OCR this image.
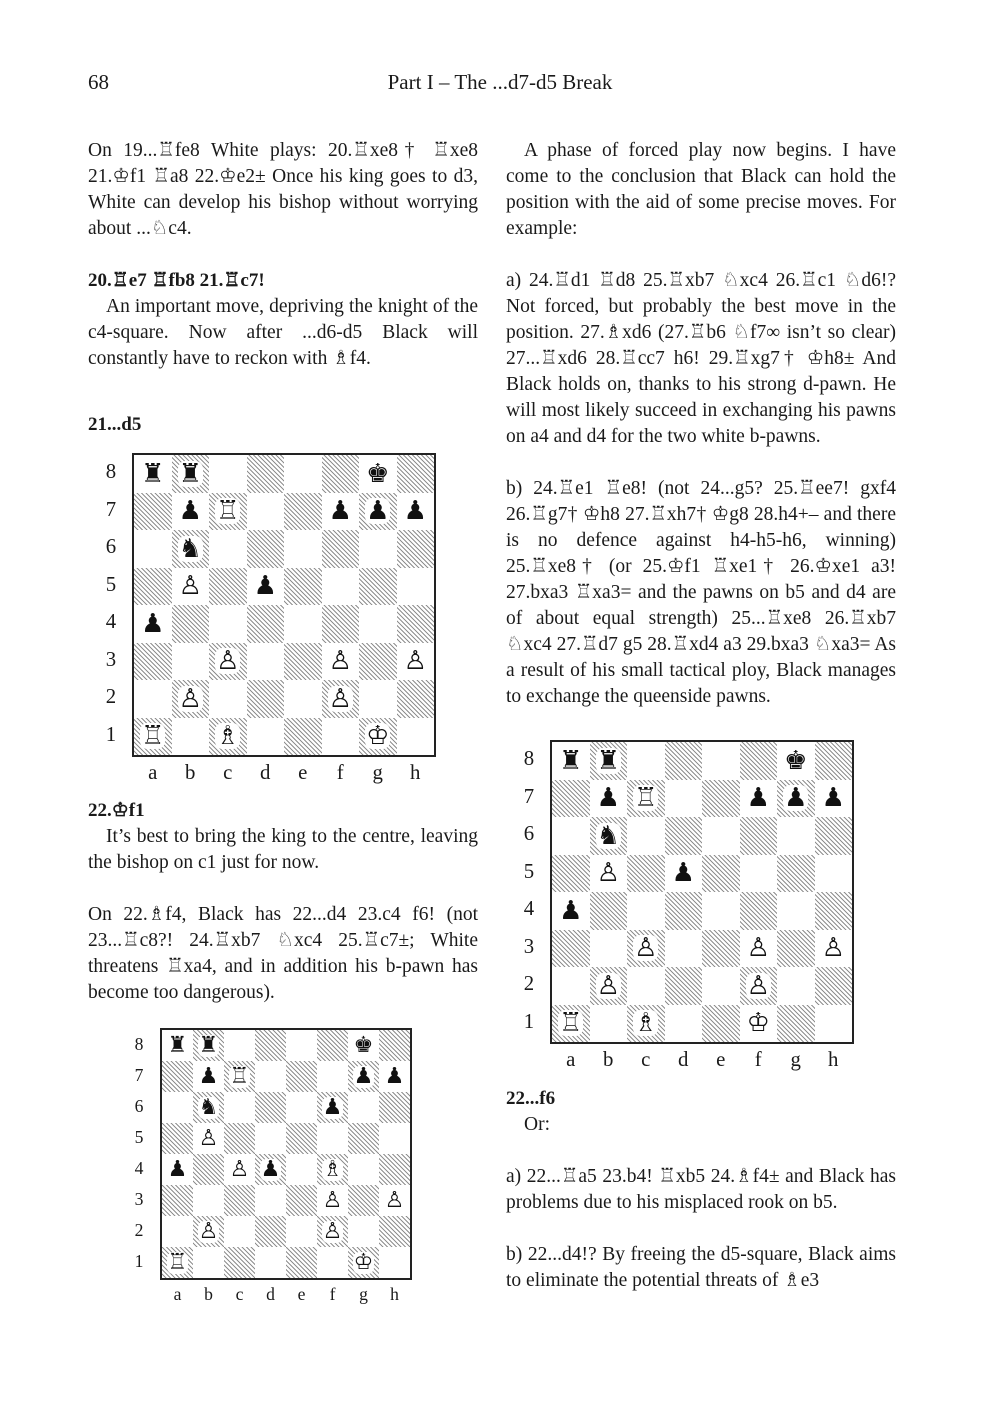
68	Part I – The ...d7-d5 Break

On 19...♖fe8 White plays: 20.♖xe8† ♖xe8 21.♔f1 ♖a8 22.♔e2± Once his king goes to d3, White can develop his bishop without worrying about ...♘c4.

20.♖e7 ♖fb8 21.♖c7!

An important move, depriving the knight of the c4-square. Now after ...d6-d5 Black will constantly have to reckon with ♗f4.

21...d5

♜ ♜	♚
♟ ♖	♟ ♟ ♟
♞
♙ ♟
♟
♙	♙ ♙
♙	♙
♖ ♗	♔
8
7
6
5
4
3
2
1
a	b	c	d	e	f	g	h

22.♔f1

It’s best to bring the king to the centre, leaving the bishop on c1 just for now.

On 22.♗f4, Black has 22...d4 23.c4 f6! (not 23...♖c8?! 24.♖xb7 ♘xc4 25.♖c7±; White threatens ♖xa4, and in addition his b-pawn has become too dangerous).

♜ ♜	♚
♟ ♖	♟ ♟
♞	♟
♙
♟ ♙ ♟ ♗
♙ ♙
♙	♙
♖	♔
8
7
6
5
4
3
2
1
a	b	c	d	e	f	g	h

A phase of forced play now begins. I have come to the conclusion that Black can hold the position with the aid of some precise moves. For example:

a) 24.♖d1 ♖d8 25.♖xb7 ♘xc4 26.♖c1 ♘d6!? Not forced, but probably the best move in the position. 27.♗xd6 (27.♖b6 ♘f7∞ isn’t so clear) 27...♖xd6 28.♖cc7 h6! 29.♖xg7† ♔h8± And Black holds on, thanks to his strong d-pawn. He will most likely succeed in exchanging his pawns on a4 and d4 for the two white b-pawns.

b) 24.♖e1 ♖e8! (not 24...g5? 25.♖ee7! gxf4 26.♖g7† ♔h8 27.♖xh7† ♔g8 28.h4+– and there is no defence against h4-h5-h6, winning) 25.♖xe8† (or 25.♔f1 ♖xe1† 26.♔xe1 a3! 27.bxa3 ♖xa3= and the pawns on b5 and d4 are of about equal strength) 25...♖xe8 26.♖xb7 ♘xc4 27.♖d7 g5 28.♖xd4 a3 29.bxa3 ♘xa3= As a result of his small tactical ploy, Black manages to exchange the queenside pawns.

♜ ♜	♚
♟ ♖	♟ ♟ ♟
♞
♙ ♟
♟
♙	♙ ♙
♙	♙
♖ ♗	♔
8
7
6
5
4
3
2
1
a	b	c	d	e	f	g	h

22...f6

Or:

a) 22...♖a5 23.b4! ♖xb5 24.♗f4± and Black has problems due to his misplaced rook on b5.

b) 22...d4!? By freeing the d5-square, Black aims to eliminate the potential threats of ♗e3
